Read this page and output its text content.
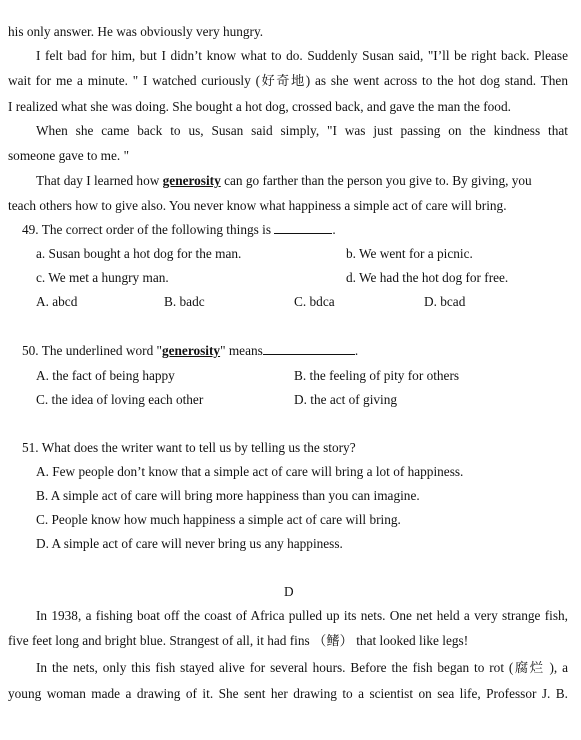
his only answer. He was obviously very hungry.
I felt bad for him, but I didn’t know what to do. Suddenly Susan said, "I’ll be right back. Please
wait for me a minute. " I watched curiously (好奇地) as she went across to the hot dog stand. Then
I realized what she was doing. She bought a hot dog, crossed back, and gave the man the food.
When she came back to us, Susan said simply, "I was just passing on the kindness that
someone gave to me. "
That day I learned how generosity can go farther than the person you give to. By giving, you
teach others how to give also. You never know what happiness a simple act of care will bring.
49. The correct order of the following things is	.
a. Susan bought a hot dog for the man.	b. We went for a picnic.
c. We met a hungry man.	d. We had the hot dog for free.
A. abcd	B. badc	C. bdca	D. bcad
50. The underlined word "generosity" means	.
A. the fact of being happy	B. the feeling of pity for others
C. the idea of loving each other	D. the act of giving
51. What does the writer want to tell us by telling us the story?
A. Few people don’t know that a simple act of care will bring a lot of happiness.
B. A simple act of care will bring more happiness than you can imagine.
C. People know how much happiness a simple act of care will bring.
D. A simple act of care will never bring us any happiness.
D
In 1938, a fishing boat off the coast of Africa pulled up its nets. One net held a very strange fish,
five feet long and bright blue. Strangest of all, it had fins （鳍） that looked like legs!
In the nets, only this fish stayed alive for several hours. Before the fish began to rot (腐烂 ), a
young woman made a drawing of it. She sent her drawing to a scientist on sea life, Professor J. B.
